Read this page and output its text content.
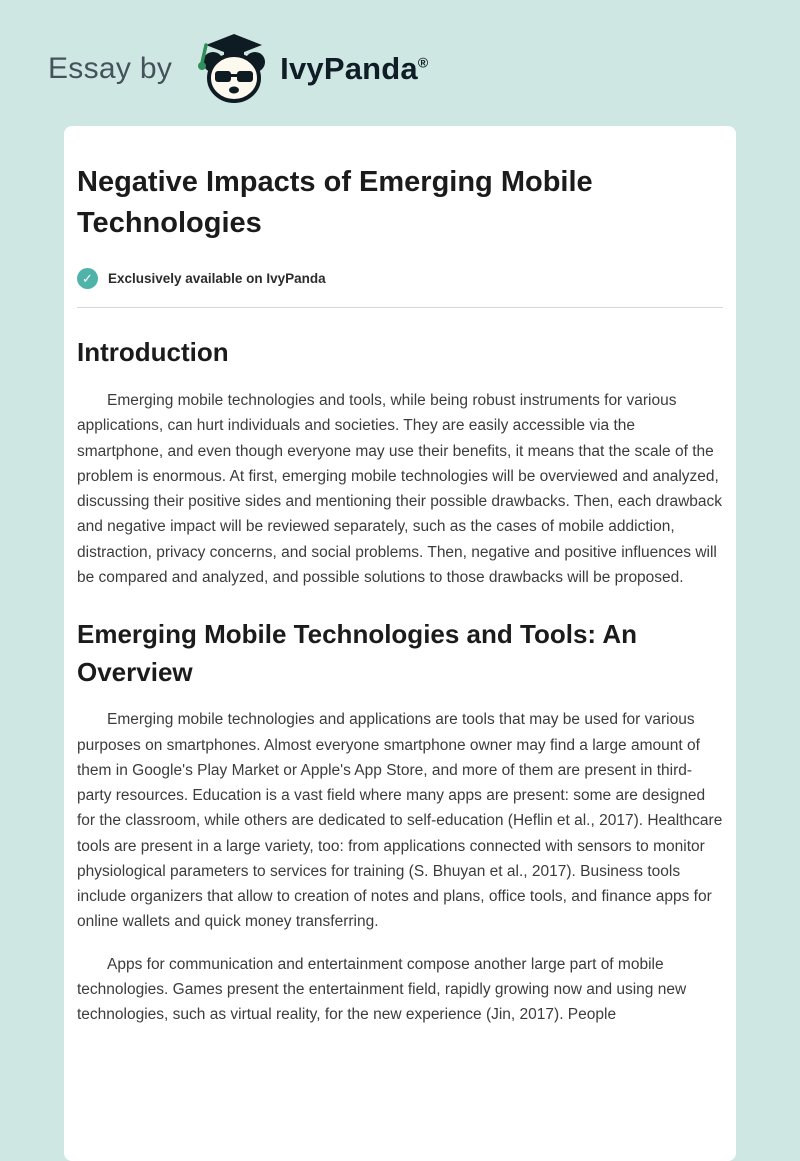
Essay by	IvyPanda®
Negative Impacts of Emerging Mobile Technologies
✓ Exclusively available on IvyPanda
Introduction

Emerging mobile technologies and tools, while being robust instruments for various applications, can hurt individuals and societies. They are easily accessible via the smartphone, and even though everyone may use their benefits, it means that the scale of the problem is enormous. At first, emerging mobile technologies will be overviewed and analyzed, discussing their positive sides and mentioning their possible drawbacks. Then, each drawback and negative impact will be reviewed separately, such as the cases of mobile addiction, distraction, privacy concerns, and social problems. Then, negative and positive influences will be compared and analyzed, and possible solutions to those drawbacks will be proposed.

Emerging Mobile Technologies and Tools: An Overview

Emerging mobile technologies and applications are tools that may be used for various purposes on smartphones. Almost everyone smartphone owner may find a large amount of them in Google's Play Market or Apple's App Store, and more of them are present in third-party resources. Education is a vast field where many apps are present: some are designed for the classroom, while others are dedicated to self-education (Heflin et al., 2017). Healthcare tools are present in a large variety, too: from applications connected with sensors to monitor physiological parameters to services for training (S. Bhuyan et al., 2017). Business tools include organizers that allow to creation of notes and plans, office tools, and finance apps for online wallets and quick money transferring.

Apps for communication and entertainment compose another large part of mobile technologies. Games present the entertainment field, rapidly growing now and using new technologies, such as virtual reality, for the new experience (Jin, 2017). People
